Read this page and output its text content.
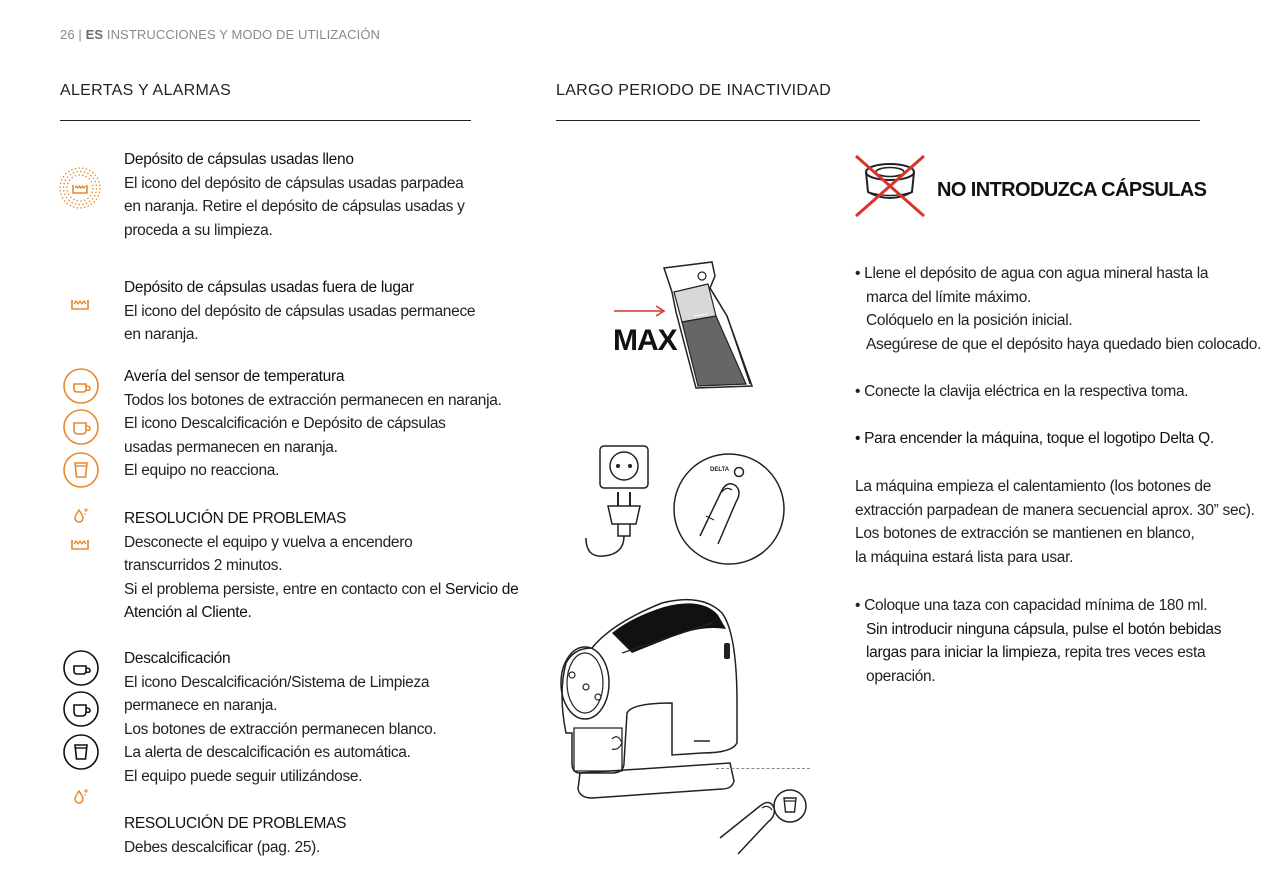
26 | ES INSTRUCCIONES Y MODO DE UTILIZACIÓN
ALERTAS Y ALARMAS
Depósito de cápsulas usadas lleno
El icono del depósito de cápsulas usadas parpadea
en naranja. Retire el depósito de cápsulas usadas y
proceda a su limpieza.
Depósito de cápsulas usadas fuera de lugar
El icono del depósito de cápsulas usadas permanece
en naranja.
Avería del sensor de temperatura
Todos los botones de extracción permanecen en naranja.
El icono Descalcificación e Depósito de cápsulas
usadas permanecen en naranja.
El equipo no reacciona.
RESOLUCIÓN DE PROBLEMAS
Desconecte el equipo y vuelva a encendero
transcurridos 2 minutos.
Si el problema persiste, entre en contacto con el Servicio de
Atención al Cliente.
Descalcificación
El icono Descalcificación/Sistema de Limpieza
permanece en naranja.
Los botones de extracción permanecen blanco.
La alerta de descalcificación es automática.
El equipo puede seguir utilizándose.
RESOLUCIÓN DE PROBLEMAS
Debes descalcificar (pag. 25).
LARGO PERIODO DE INACTIVIDAD
NO INTRODUZCA CÁPSULAS
MAX
DELTA
• Llene el depósito de agua con agua mineral hasta la
marca del límite máximo.
Colóquelo en la posición inicial.
Asegúrese de que el depósito haya quedado bien colocado.
• Conecte la clavija eléctrica en la respectiva toma.
• Para encender la máquina, toque el logotipo Delta Q.
La máquina empieza el calentamiento (los botones de
extracción parpadean de manera secuencial aprox. 30” sec).
Los botones de extracción se mantienen en blanco,
la máquina estará lista para usar.
• Coloque una taza con capacidad mínima de 180 ml.
Sin introducir ninguna cápsula, pulse el botón bebidas
largas para iniciar la limpieza, repita tres veces esta
operación.
